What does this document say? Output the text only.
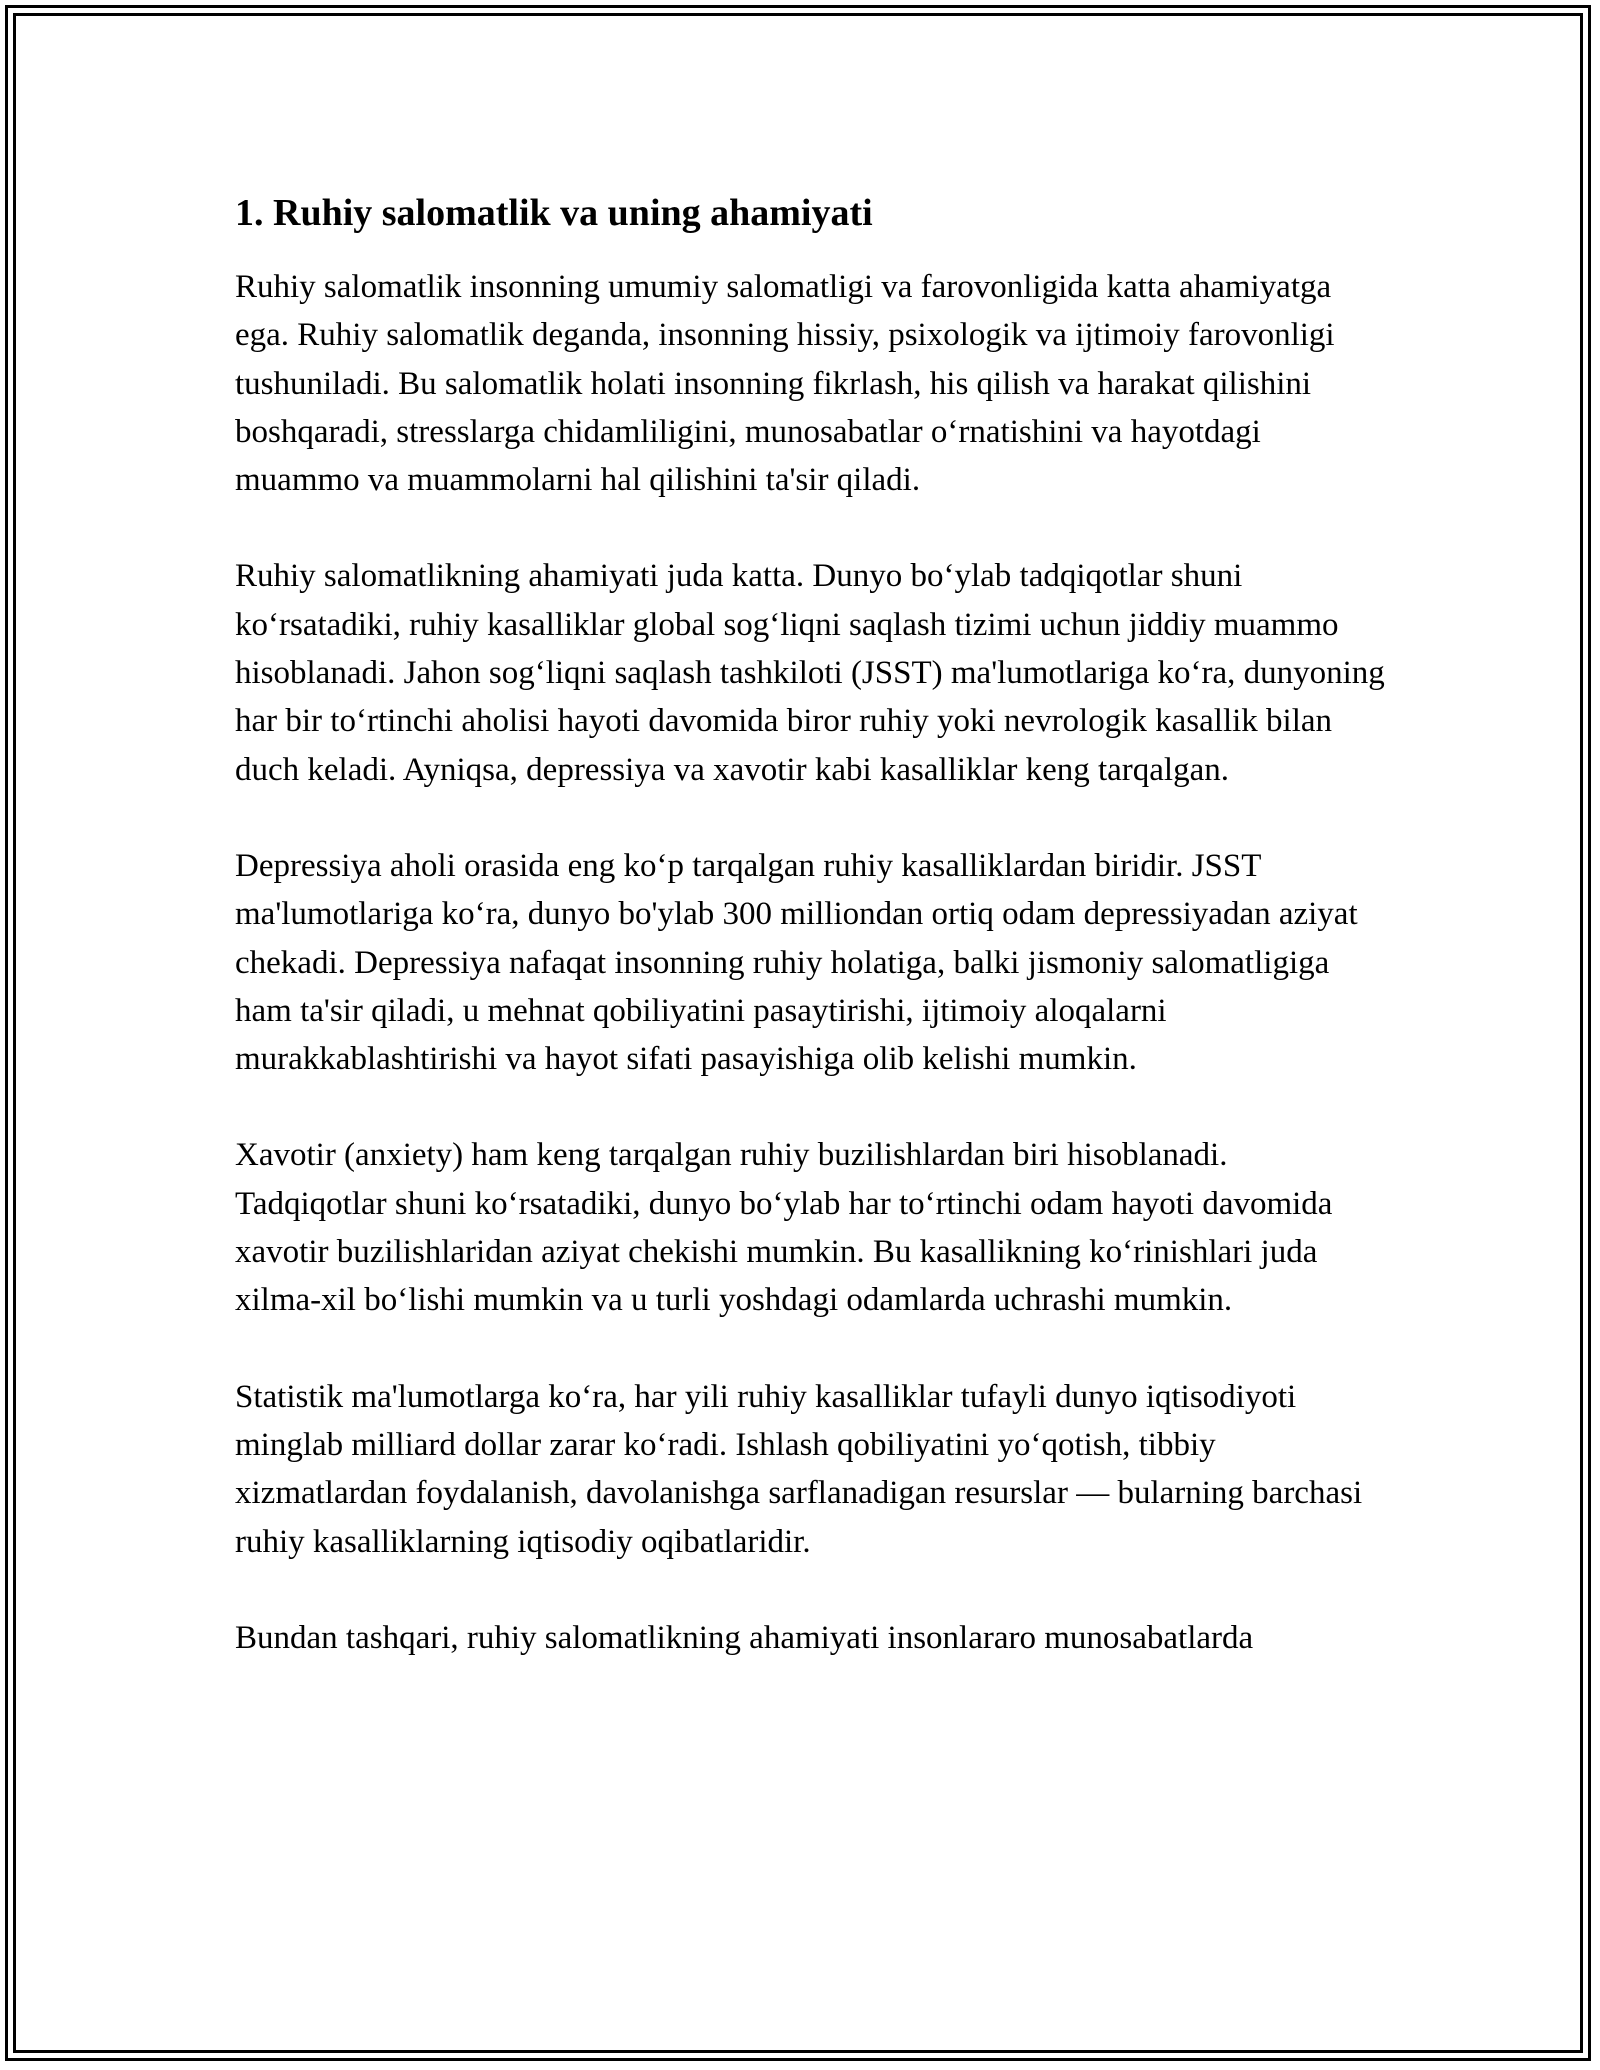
1. Ruhiy salomatlik va uning ahamiyati

Ruhiy salomatlik insonning umumiy salomatligi va farovonligida katta ahamiyatga ega. Ruhiy salomatlik deganda, insonning hissiy, psixologik va ijtimoiy farovonligi tushuniladi. Bu salomatlik holati insonning fikrlash, his qilish va harakat qilishini boshqaradi, stresslarga chidamliligini, munosabatlar oʻrnatishini va hayotdagi muammo va muammolarni hal qilishini ta'sir qiladi.

Ruhiy salomatlikning ahamiyati juda katta. Dunyo boʻylab tadqiqotlar shuni koʻrsatadiki, ruhiy kasalliklar global sogʻliqni saqlash tizimi uchun jiddiy muammo hisoblanadi. Jahon sogʻliqni saqlash tashkiloti (JSST) ma'lumotlariga koʻra, dunyoning har bir toʻrtinchi aholisi hayoti davomida biror ruhiy yoki nevrologik kasallik bilan duch keladi. Ayniqsa, depressiya va xavotir kabi kasalliklar keng tarqalgan.

Depressiya aholi orasida eng koʻp tarqalgan ruhiy kasalliklardan biridir. JSST ma'lumotlariga koʻra, dunyo bo'ylab 300 milliondan ortiq odam depressiyadan aziyat chekadi. Depressiya nafaqat insonning ruhiy holatiga, balki jismoniy salomatligiga ham ta'sir qiladi, u mehnat qobiliyatini pasaytirishi, ijtimoiy aloqalarni murakkablashtirishi va hayot sifati pasayishiga olib kelishi mumkin.

Xavotir (anxiety) ham keng tarqalgan ruhiy buzilishlardan biri hisoblanadi. Tadqiqotlar shuni koʻrsatadiki, dunyo boʻylab har toʻrtinchi odam hayoti davomida xavotir buzilishlaridan aziyat chekishi mumkin. Bu kasallikning koʻrinishlari juda xilma-xil boʻlishi mumkin va u turli yoshdagi odamlarda uchrashi mumkin.

Statistik ma'lumotlarga koʻra, har yili ruhiy kasalliklar tufayli dunyo iqtisodiyoti minglab milliard dollar zarar koʻradi. Ishlash qobiliyatini yoʻqotish, tibbiy xizmatlardan foydalanish, davolanishga sarflanadigan resurslar — bularning barchasi ruhiy kasalliklarning iqtisodiy oqibatlaridir.

Bundan tashqari, ruhiy salomatlikning ahamiyati insonlararo munosabatlarda
